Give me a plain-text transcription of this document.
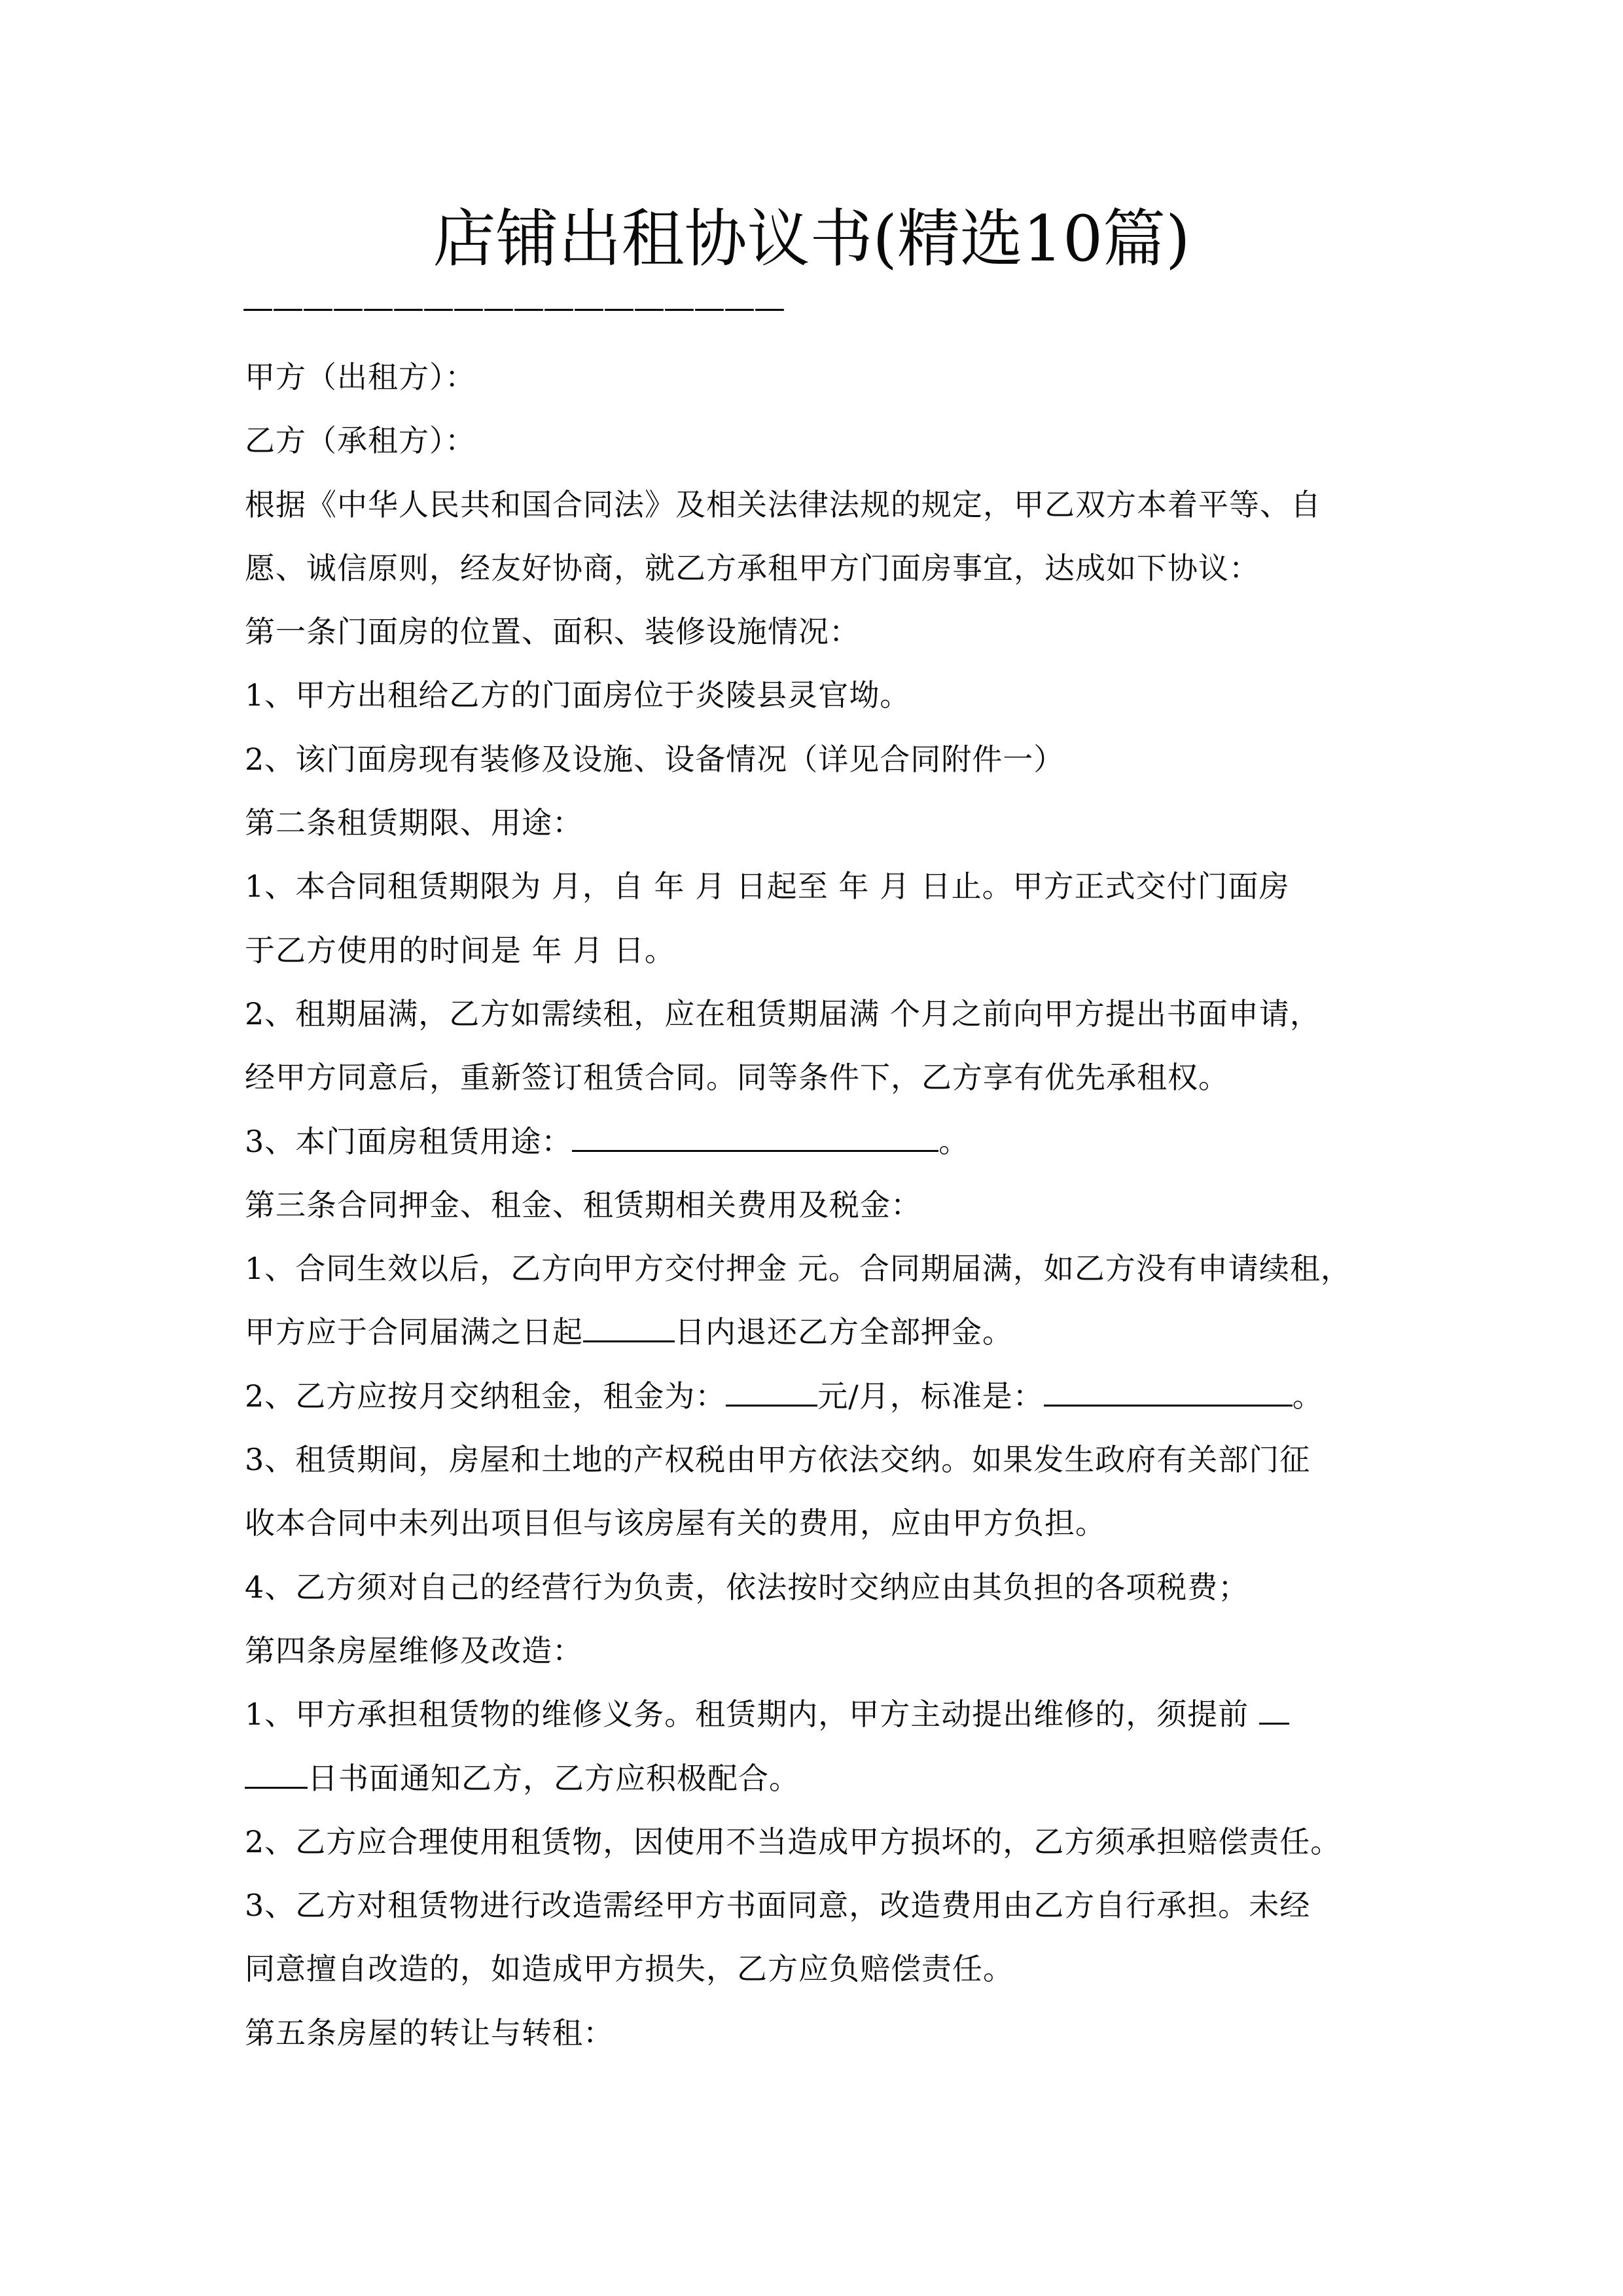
店铺出租协议书(精选10篇)
——————————————————
甲方（出租方）：
乙方（承租方）：
根据《中华人民共和国合同法》及相关法律法规的规定，甲乙双方本着平等、自
愿、诚信原则，经友好协商，就乙方承租甲方门面房事宜，达成如下协议：
第一条门面房的位置、面积、装修设施情况：
1、甲方出租给乙方的门面房位于炎陵县灵官坳。
2、该门面房现有装修及设施、设备情况（详见合同附件一）
第二条租赁期限、用途：
1、本合同租赁期限为 月，自 年 月 日起至 年 月 日止。甲方正式交付门面房
于乙方使用的时间是 年 月 日。
2、租期届满，乙方如需续租，应在租赁期届满 个月之前向甲方提出书面申请，
经甲方同意后，重新签订租赁合同。同等条件下，乙方享有优先承租权。
3、本门面房租赁用途：	。
第三条合同押金、租金、租赁期相关费用及税金：
1、合同生效以后，乙方向甲方交付押金 元。合同期届满，如乙方没有申请续租，
甲方应于合同届满之日起	日内退还乙方全部押金。
2、乙方应按月交纳租金，租金为：	元/月，标准是：	。
3、租赁期间，房屋和土地的产权税由甲方依法交纳。如果发生政府有关部门征
收本合同中未列出项目但与该房屋有关的费用，应由甲方负担。
4、乙方须对自己的经营行为负责，依法按时交纳应由其负担的各项税费；
第四条房屋维修及改造：
1、甲方承担租赁物的维修义务。租赁期内，甲方主动提出维修的，须提前
日书面通知乙方，乙方应积极配合。
2、乙方应合理使用租赁物，因使用不当造成甲方损坏的，乙方须承担赔偿责任。
3、乙方对租赁物进行改造需经甲方书面同意，改造费用由乙方自行承担。未经
同意擅自改造的，如造成甲方损失，乙方应负赔偿责任。
第五条房屋的转让与转租：
